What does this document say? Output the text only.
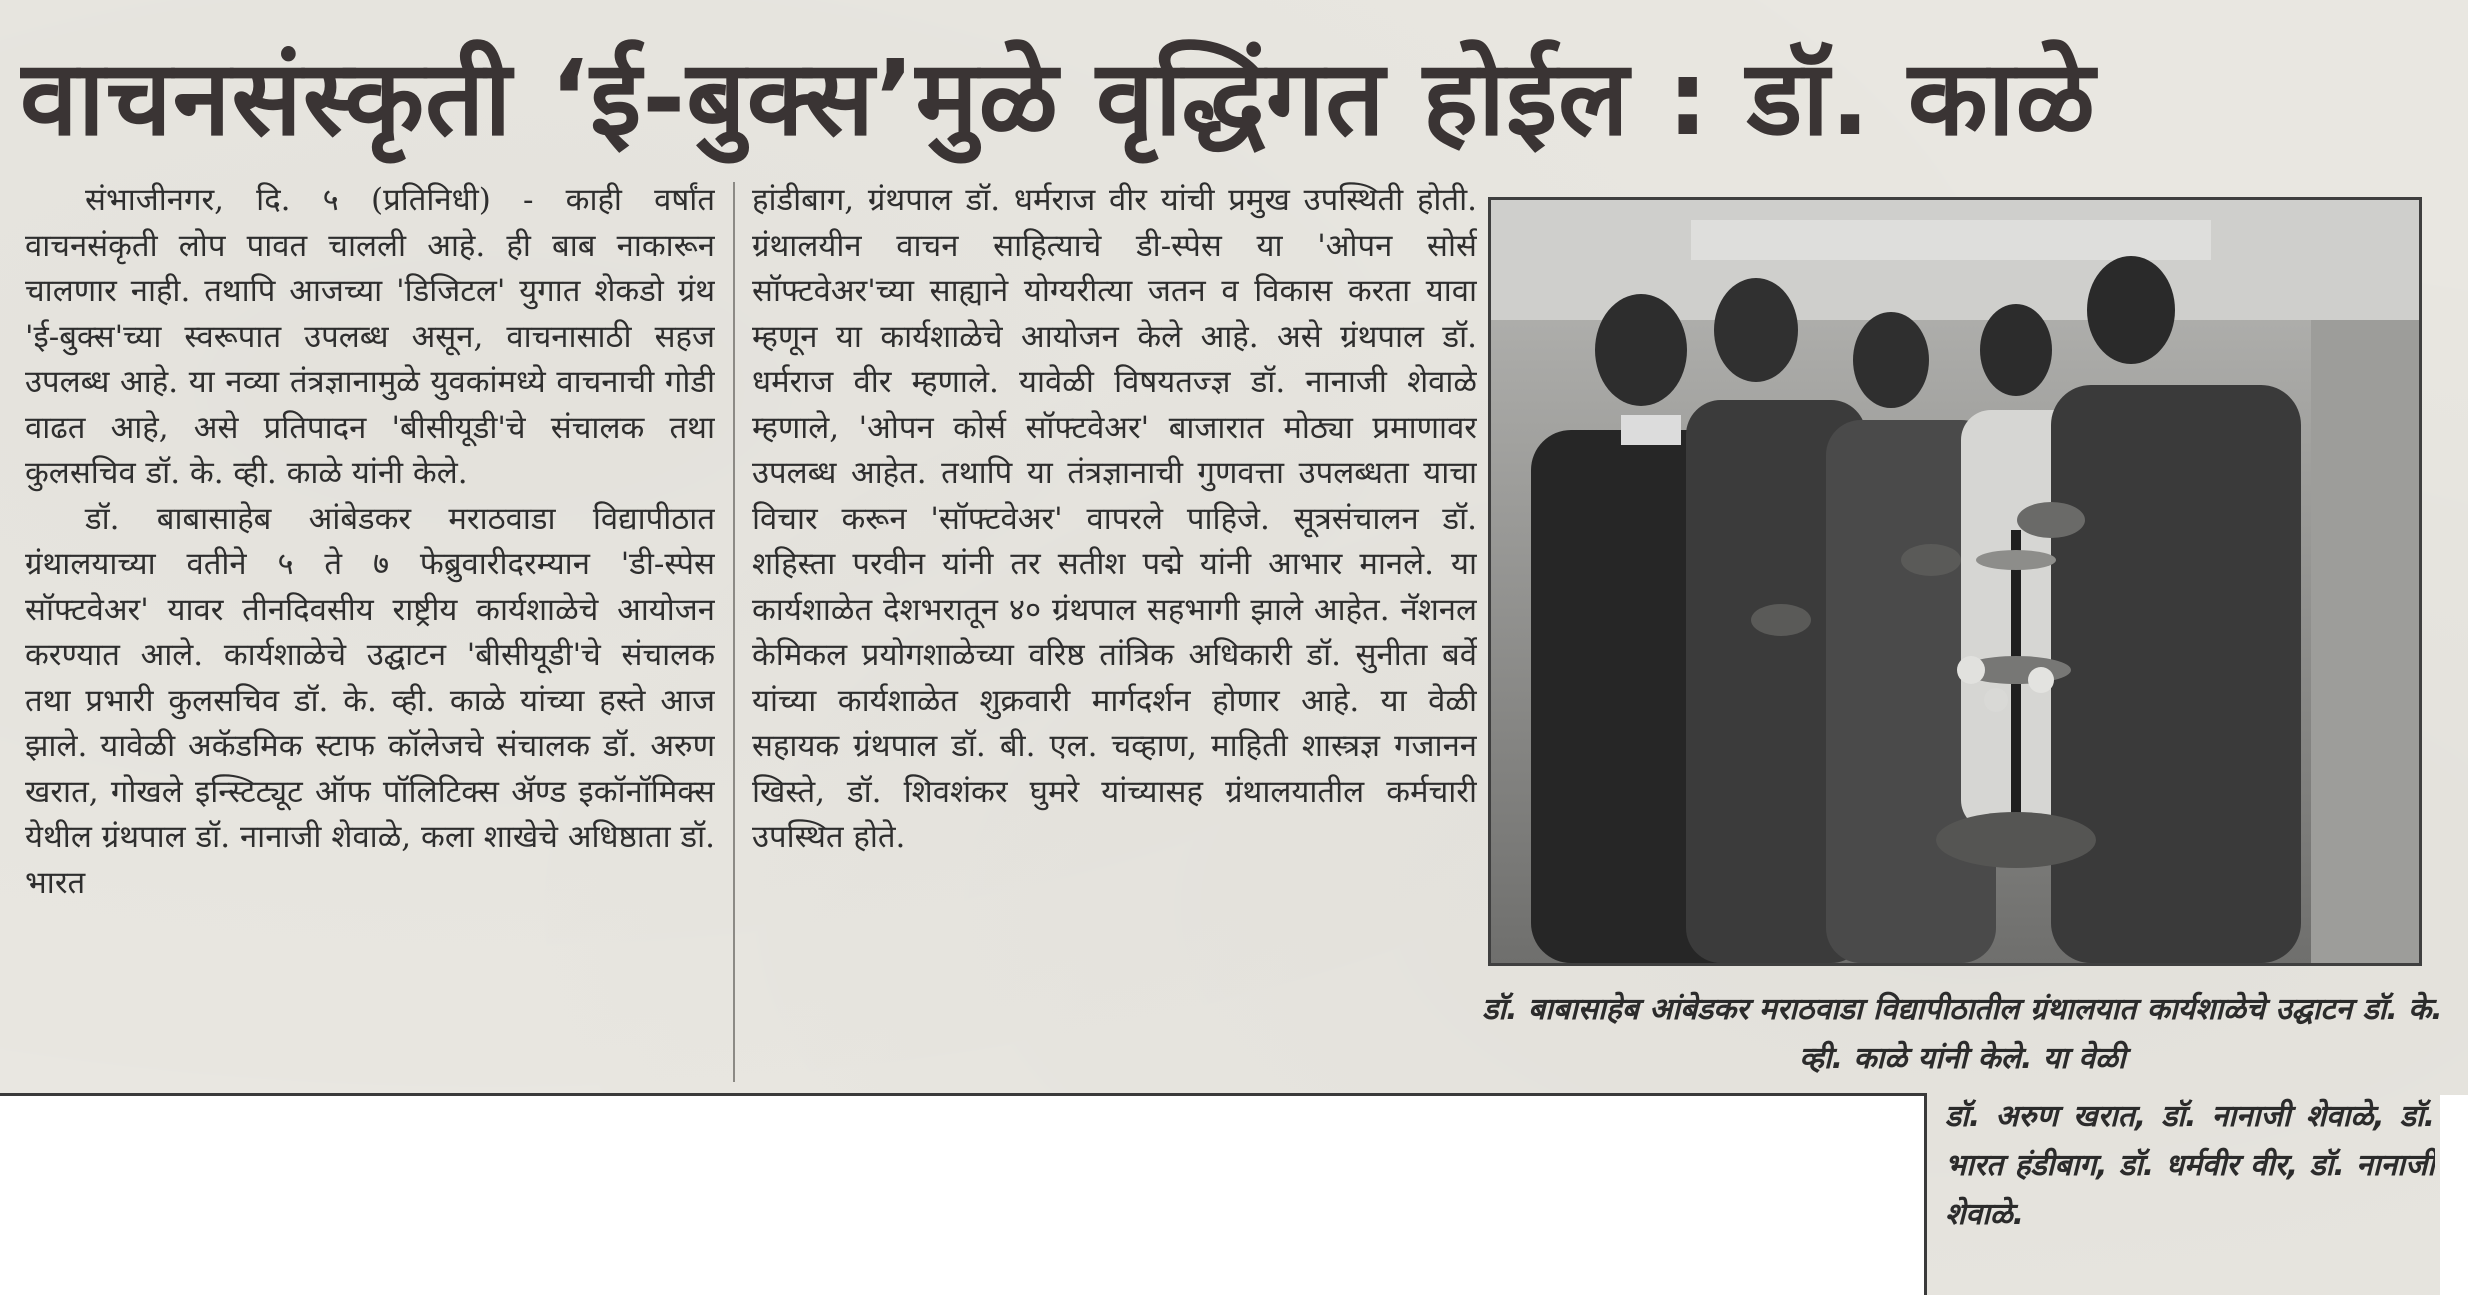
वाचनसंस्कृती ‘ई-बुक्स’मुळे वृद्धिंगत होईल : डॉ. काळे

संभाजीनगर, दि. ५ (प्रतिनिधी) - काही वर्षांत वाचनसंकृती लोप पावत चालली आहे. ही बाब नाकारून चालणार नाही. तथापि आजच्या 'डिजिटल' युगात शेकडो ग्रंथ 'ई-बुक्स'च्या स्वरूपात उपलब्ध असून, वाचनासाठी सहज उपलब्ध आहे. या नव्या तंत्रज्ञानामुळे युवकांमध्ये वाचनाची गोडी वाढत आहे, असे प्रतिपादन 'बीसीयूडी'चे संचालक तथा कुलसचिव डॉ. के. व्ही. काळे यांनी केले.

डॉ. बाबासाहेब आंबेडकर मराठवाडा विद्यापीठात ग्रंथालयाच्या वतीने ५ ते ७ फेब्रुवारीदरम्यान 'डी-स्पेस सॉफ्टवेअर' यावर तीनदिवसीय राष्ट्रीय कार्यशाळेचे आयोजन करण्यात आले. कार्यशाळेचे उद्घाटन 'बीसीयूडी'चे संचालक तथा प्रभारी कुलसचिव डॉ. के. व्ही. काळे यांच्या हस्ते आज झाले. यावेळी अकॅडमिक स्टाफ कॉलेजचे संचालक डॉ. अरुण खरात, गोखले इन्स्टिट्यूट ऑफ पॉलिटिक्स ॲण्ड इकॉनॉमिक्स येथील ग्रंथपाल डॉ. नानाजी शेवाळे, कला शाखेचे अधिष्ठाता डॉ. भारत

हांडीबाग, ग्रंथपाल डॉ. धर्मराज वीर यांची प्रमुख उपस्थिती होती. ग्रंथालयीन वाचन साहित्याचे डी-स्पेस या 'ओपन सोर्स सॉफ्टवेअर'च्या साह्याने योग्यरीत्या जतन व विकास करता यावा म्हणून या कार्यशाळेचे आयोजन केले आहे. असे ग्रंथपाल डॉ. धर्मराज वीर म्हणाले. यावेळी विषयतज्ज्ञ डॉ. नानाजी शेवाळे म्हणाले, 'ओपन कोर्स सॉफ्टवेअर' बाजारात मोठ्या प्रमाणावर उपलब्ध आहेत. तथापि या तंत्रज्ञानाची गुणवत्ता उपलब्धता याचा विचार करून 'सॉफ्टवेअर' वापरले पाहिजे. सूत्रसंचालन डॉ. शहिस्ता परवीन यांनी तर सतीश पद्मे यांनी आभार मानले. या कार्यशाळेत देशभरातून ४० ग्रंथपाल सहभागी झाले आहेत. नॅशनल केमिकल प्रयोगशाळेच्या वरिष्ठ तांत्रिक अधिकारी डॉ. सुनीता बर्वे यांच्या कार्यशाळेत शुक्रवारी मार्गदर्शन होणार आहे. या वेळी सहायक ग्रंथपाल डॉ. बी. एल. चव्हाण, माहिती शास्त्रज्ञ गजानन खिस्ते, डॉ. शिवशंकर घुमरे यांच्यासह ग्रंथालयातील कर्मचारी उपस्थित होते.

डॉ. बाबासाहेब आंबेडकर मराठवाडा विद्यापीठातील ग्रंथालयात कार्यशाळेचे उद्घाटन डॉ. के. व्ही. काळे यांनी केले. या वेळी

डॉ. अरुण खरात, डॉ. नानाजी शेवाळे, डॉ. भारत हंडीबाग, डॉ. धर्मवीर वीर, डॉ. नानाजी शेवाळे.
